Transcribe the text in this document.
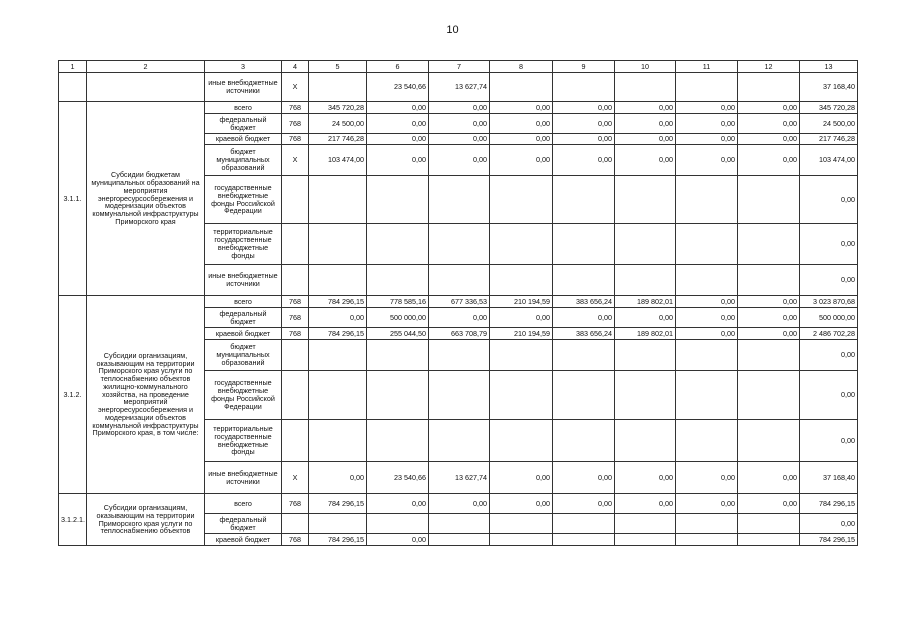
10
1	2	3	4	5	6	7	8	9	10	11	12	13
		иные внебюджетные источники	X		23 540,66	13 627,74						37 168,40
3.1.1.	Субсидии бюджетам муниципальных образований на мероприятия энергоресурсосбережения и модернизации объектов коммунальной инфраструктуры Приморского края	всего	768	345 720,28	0,00	0,00	0,00	0,00	0,00	0,00	0,00	345 720,28
		федеральный бюджет	768	24 500,00	0,00	0,00	0,00	0,00	0,00	0,00	0,00	24 500,00
		краевой бюджет	768	217 746,28	0,00	0,00	0,00	0,00	0,00	0,00	0,00	217 746,28
		бюджет муниципальных образований	X	103 474,00	0,00	0,00	0,00	0,00	0,00	0,00	0,00	103 474,00
		государственные внебюджетные фонды Российской Федерации										0,00
		территориальные государственные внебюджетные фонды										0,00
		иные внебюджетные источники										0,00
3.1.2.	Субсидии организациям, оказывающим на территории Приморского края услуги по теплоснабжению объектов жилищно-коммунального хозяйства, на проведение мероприятий энергоресурсосбережения и модернизации объектов коммунальной инфраструктуры Приморского края, в том числе:	всего	768	784 296,15	778 585,16	677 336,53	210 194,59	383 656,24	189 802,01	0,00	0,00	3 023 870,68
		федеральный бюджет	768	0,00	500 000,00	0,00	0,00	0,00	0,00	0,00	0,00	500 000,00
		краевой бюджет	768	784 296,15	255 044,50	663 708,79	210 194,59	383 656,24	189 802,01	0,00	0,00	2 486 702,28
		бюджет муниципальных образований										0,00
		государственные внебюджетные фонды Российской Федерации										0,00
		территориальные государственные внебюджетные фонды										0,00
		иные внебюджетные источники	X	0,00	23 540,66	13 627,74	0,00	0,00	0,00	0,00	0,00	37 168,40
3.1.2.1.	Субсидии организациям, оказывающим на территории Приморского края услуги по теплоснабжению объектов	всего	768	784 296,15	0,00	0,00	0,00	0,00	0,00	0,00	0,00	784 296,15
		федеральный бюджет										0,00
		краевой бюджет	768	784 296,15	0,00							784 296,15
